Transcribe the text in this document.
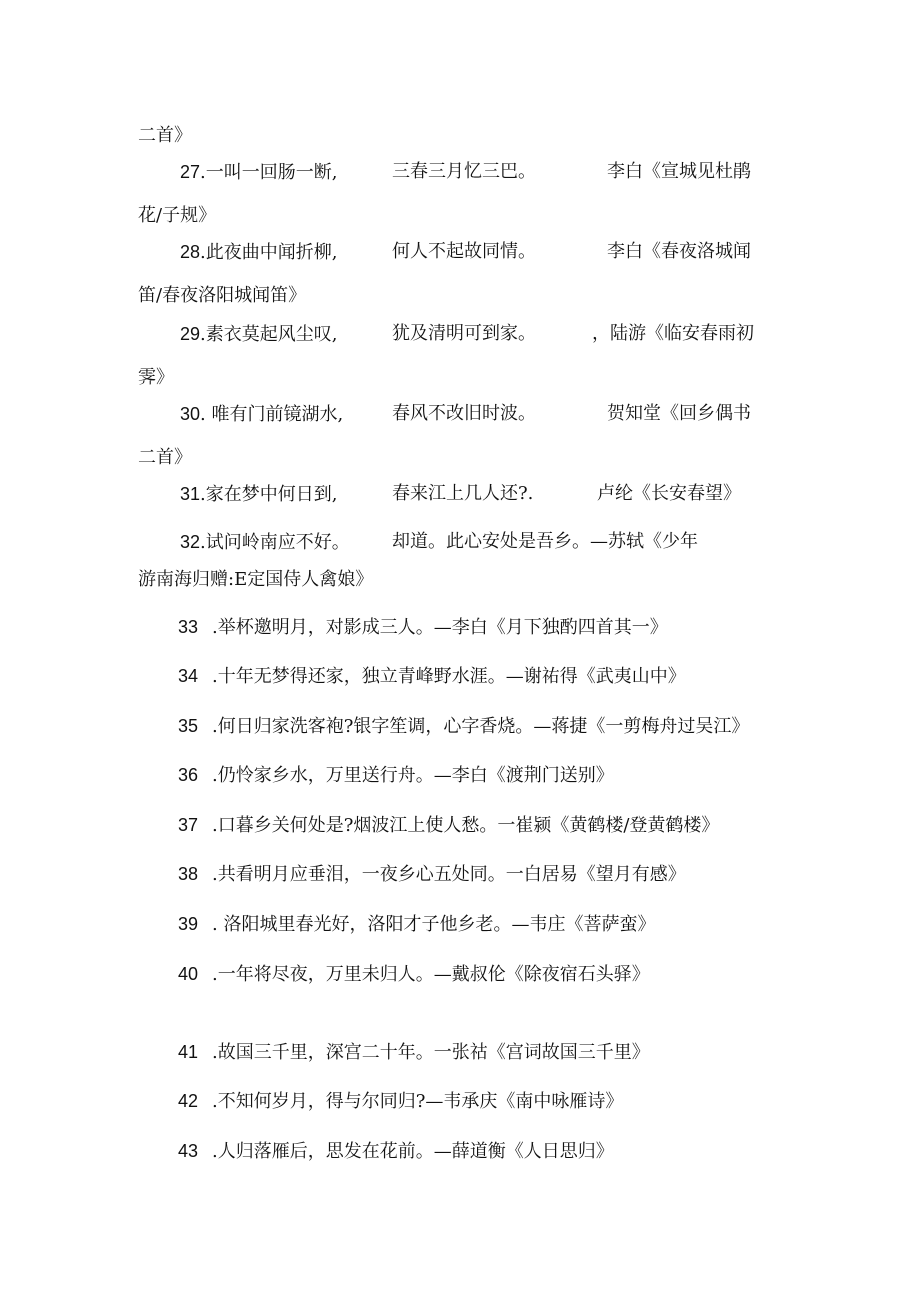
二首》
27.一叫一回肠一断,	三春三月忆三巴。	李白《宣城见杜鹃
花/子规》
28.此夜曲中闻折柳,	何人不起故同情。	李白《春夜洛城闻
笛/春夜洛阳城闻笛》
29.素衣莫起风尘叹,	犹及清明可到家。	，陆游《临安春雨初
霁》
30. 唯有门前镜湖水,	春风不改旧时波。	贺知堂《回乡偶书
二首》
31.家在梦中何日到,	春来江上几人还?.	卢纶《长安春望》
32.试问岭南应不好。 却道。此心安处是吾乡。—苏轼《少年
游南海归赠:E定国侍人禽娘》
33 .举杯邀明月，对影成三人。—李白《月下独酌四首其一》
34 .十年无梦得还家，独立青峰野水涯。—谢祐得《武夷山中》
35 .何日归家洗客袍?银字笙调，心字香烧。—蒋捷《一剪梅舟过吴江》
36 .仍怜家乡水，万里送行舟。—李白《渡荆门送别》
37 .口暮乡关何处是?烟波江上使人愁。一崔颍《黄鹤楼/登黄鹤楼》
38 .共看明月应垂泪，一夜乡心五处同。一白居易《望月有感》
39 . 洛阳城里春光好，洛阳才子他乡老。—韦庄《菩萨蛮》
40 .一年将尽夜，万里未归人。—戴叔伦《除夜宿石头驿》
41 .故国三千里，深宫二十年。一张祜《宫词故国三千里》
42 .不知何岁月，得与尔同归?—韦承庆《南中咏雁诗》
43 .人归落雁后，思发在花前。—薛道衡《人日思归》
